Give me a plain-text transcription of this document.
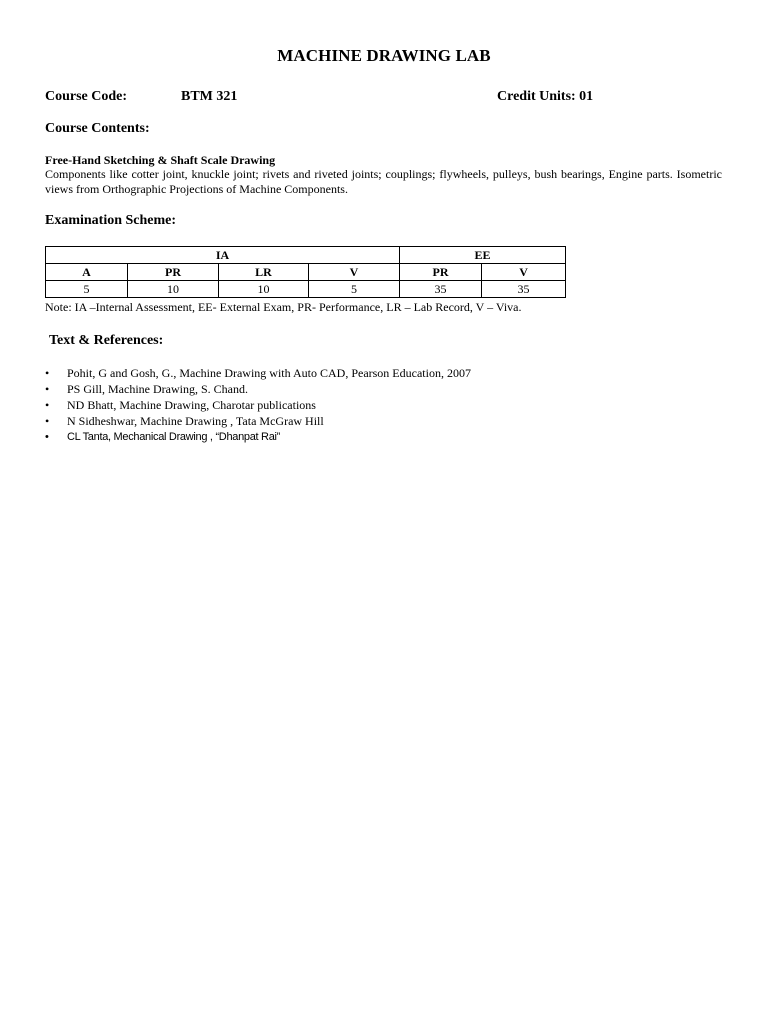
MACHINE DRAWING LAB
Course Code:	BTM 321	Credit Units: 01
Course Contents:
Free-Hand Sketching & Shaft Scale Drawing
Components like cotter joint, knuckle joint; rivets and riveted joints; couplings; flywheels, pulleys, bush bearings, Engine parts. Isometric views from Orthographic Projections of Machine Components.
Examination Scheme:
IA				EE	
A	PR	LR	V	PR	V
5	10	10	5	35	35
Note: IA –Internal Assessment, EE- External Exam, PR- Performance, LR – Lab Record, V – Viva.
Text & References:
• Pohit, G and Gosh, G., Machine Drawing with Auto CAD, Pearson Education, 2007
• PS Gill, Machine Drawing, S. Chand.
• ND Bhatt, Machine Drawing, Charotar publications
• N Sidheshwar, Machine Drawing , Tata McGraw Hill
• CL Tanta, Mechanical Drawing , “Dhanpat Rai”
